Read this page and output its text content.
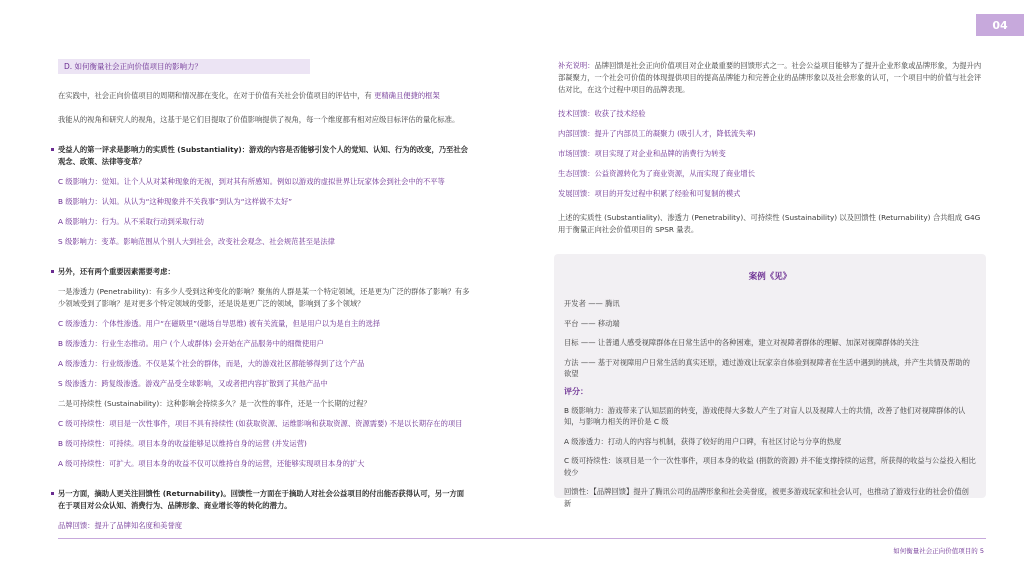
04
D. 如何衡量社会正向价值项目的影响力？

在实践中，社会正向价值项目的周期和情况都在变化，在对于价值有关社会价值项目的评估中，有 更精确且便捷的框架

我能从的视角和研究人的视角，这基于是它们目提取了价值影响提供了视角，每一个维度都有相对应级目标评估的量化标准。

受益人的第一评求是影响力的实质性 (Substantiality)：游戏的内容是否能够引发个人的觉知、认知、行为的改变，乃至社会观念、政策、法律等变革？

C 级影响力：觉知。让个人从对某种现象的无视，到对其有所感知。例如以游戏的虚拟世界让玩家体会到社会中的不平等

B 级影响力：认知。从认为“这种现象并不关我事”到认为“这样做不太好”

A 级影响力：行为。从不采取行动到采取行动

S 级影响力：变革。影响范围从个别人大到社会，改变社会观念、社会规范甚至是法律

另外，还有两个重要因素需要考虑：

一是渗透力 (Penetrability)：有多少人受到这种变化的影响？聚焦的人群是某一个特定领域，还是更为广泛的群体了影响？有多少领域受到了影响？是对更多个特定领域的受影，还是说是更广泛的领域，影响到了多个领域？

C 级渗透力：个体性渗透。用户“在磁吸里”(磁场自导思维) 被有关流量，但是用户以为是自主的选择

B 级渗透力：行业生态推动。用户 (个人或群体) 会开始在产品服务中的细微使用户

A 级渗透力：行业级渗透。不仅是某个社会的群体，而是，大的游戏社区都能够得到了这个产品

S 级渗透力：跨复级渗透。游戏产品受全球影响，又或者把内容扩散到了其他产品中

二是可持续性 (Sustainability)：这种影响会持续多久？是一次性的事件，还是一个长期的过程？

C 级可持续性：项目是一次性事件，项目不具有持续性 (如获取资源、运维影响和获取资源、资源需要) 不是以长期存在的项目

B 级可持续性：可持续。项目本身的收益能够足以维持自身的运营 (并发运营)

A 级可持续性：可扩大。项目本身的收益不仅可以维持自身的运营，还能够实现项目本身的扩大

另一方面，摘助人更关注回馈性 (Returnability)。回馈性一方面在于摘助人对社会公益项目的付出能否获得认可，另一方面在于项目对公众认知、消费行为、品牌形象、商业增长等的转化的潜力。

品牌回馈：提升了品牌知名度和美誉度

补充说明：品牌回馈是社会正向价值项目对企业最重要的回馈形式之一。社会公益项目能够为了提升企业形象或品牌形象，为提升内部凝聚力，一个社会可价值的体现提供项目的提高品牌能力和完善企业的品牌形象以及社会形象的认可，一个项目中的价值与社会评估对比，在这个过程中项目的品牌表现。

技术回馈：收获了技术经验

内部回馈：提升了内部员工的凝聚力 (吸引人才，降低流失率)

市场回馈：项目实现了对企业和品牌的消费行为转变

生态回馈：公益资源转化为了商业资源，从而实现了商业增长

发展回馈：项目的开发过程中积累了经验和可复制的模式

上述的实质性 (Substantiality)、渗透力 (Penetrability)、可持续性 (Sustainability) 以及回馈性 (Returnability) 合共组成 G4G 用于衡量正向社会价值项目的 SPSR 量表。

案例《见》

开发者 —— 腾讯

平台 —— 移动端

目标 —— 让普通人感受视障群体在日常生活中的各种困难，建立对视障者群体的理解、加深对视障群体的关注

方法 —— 基于对视障用户日常生活的真实还原，通过游戏让玩家亲自体验到视障者在生活中遇到的挑战，并产生共情及帮助的欲望

评分：

B 级影响力：游戏带来了认知层面的转变，游戏使得大多数人产生了对盲人以及视障人士的共情，改善了他们对视障群体的认知，与影响力相关的评价是 C 级

A 级渗透力：打动人的内容与机制，获得了较好的用户口碑，有社区讨论与分享的热度

C 级可持续性：该项目是一个一次性事件，项目本身的收益 (捐款的资源) 并不能支撑持续的运营，所获得的收益与公益投入相比较少

回馈性：【品牌回馈】提升了腾讯公司的品牌形象和社会美誉度，被更多游戏玩家和社会认可，也推动了游戏行业的社会价值创新

如何衡量社会正向价值项目的 5
